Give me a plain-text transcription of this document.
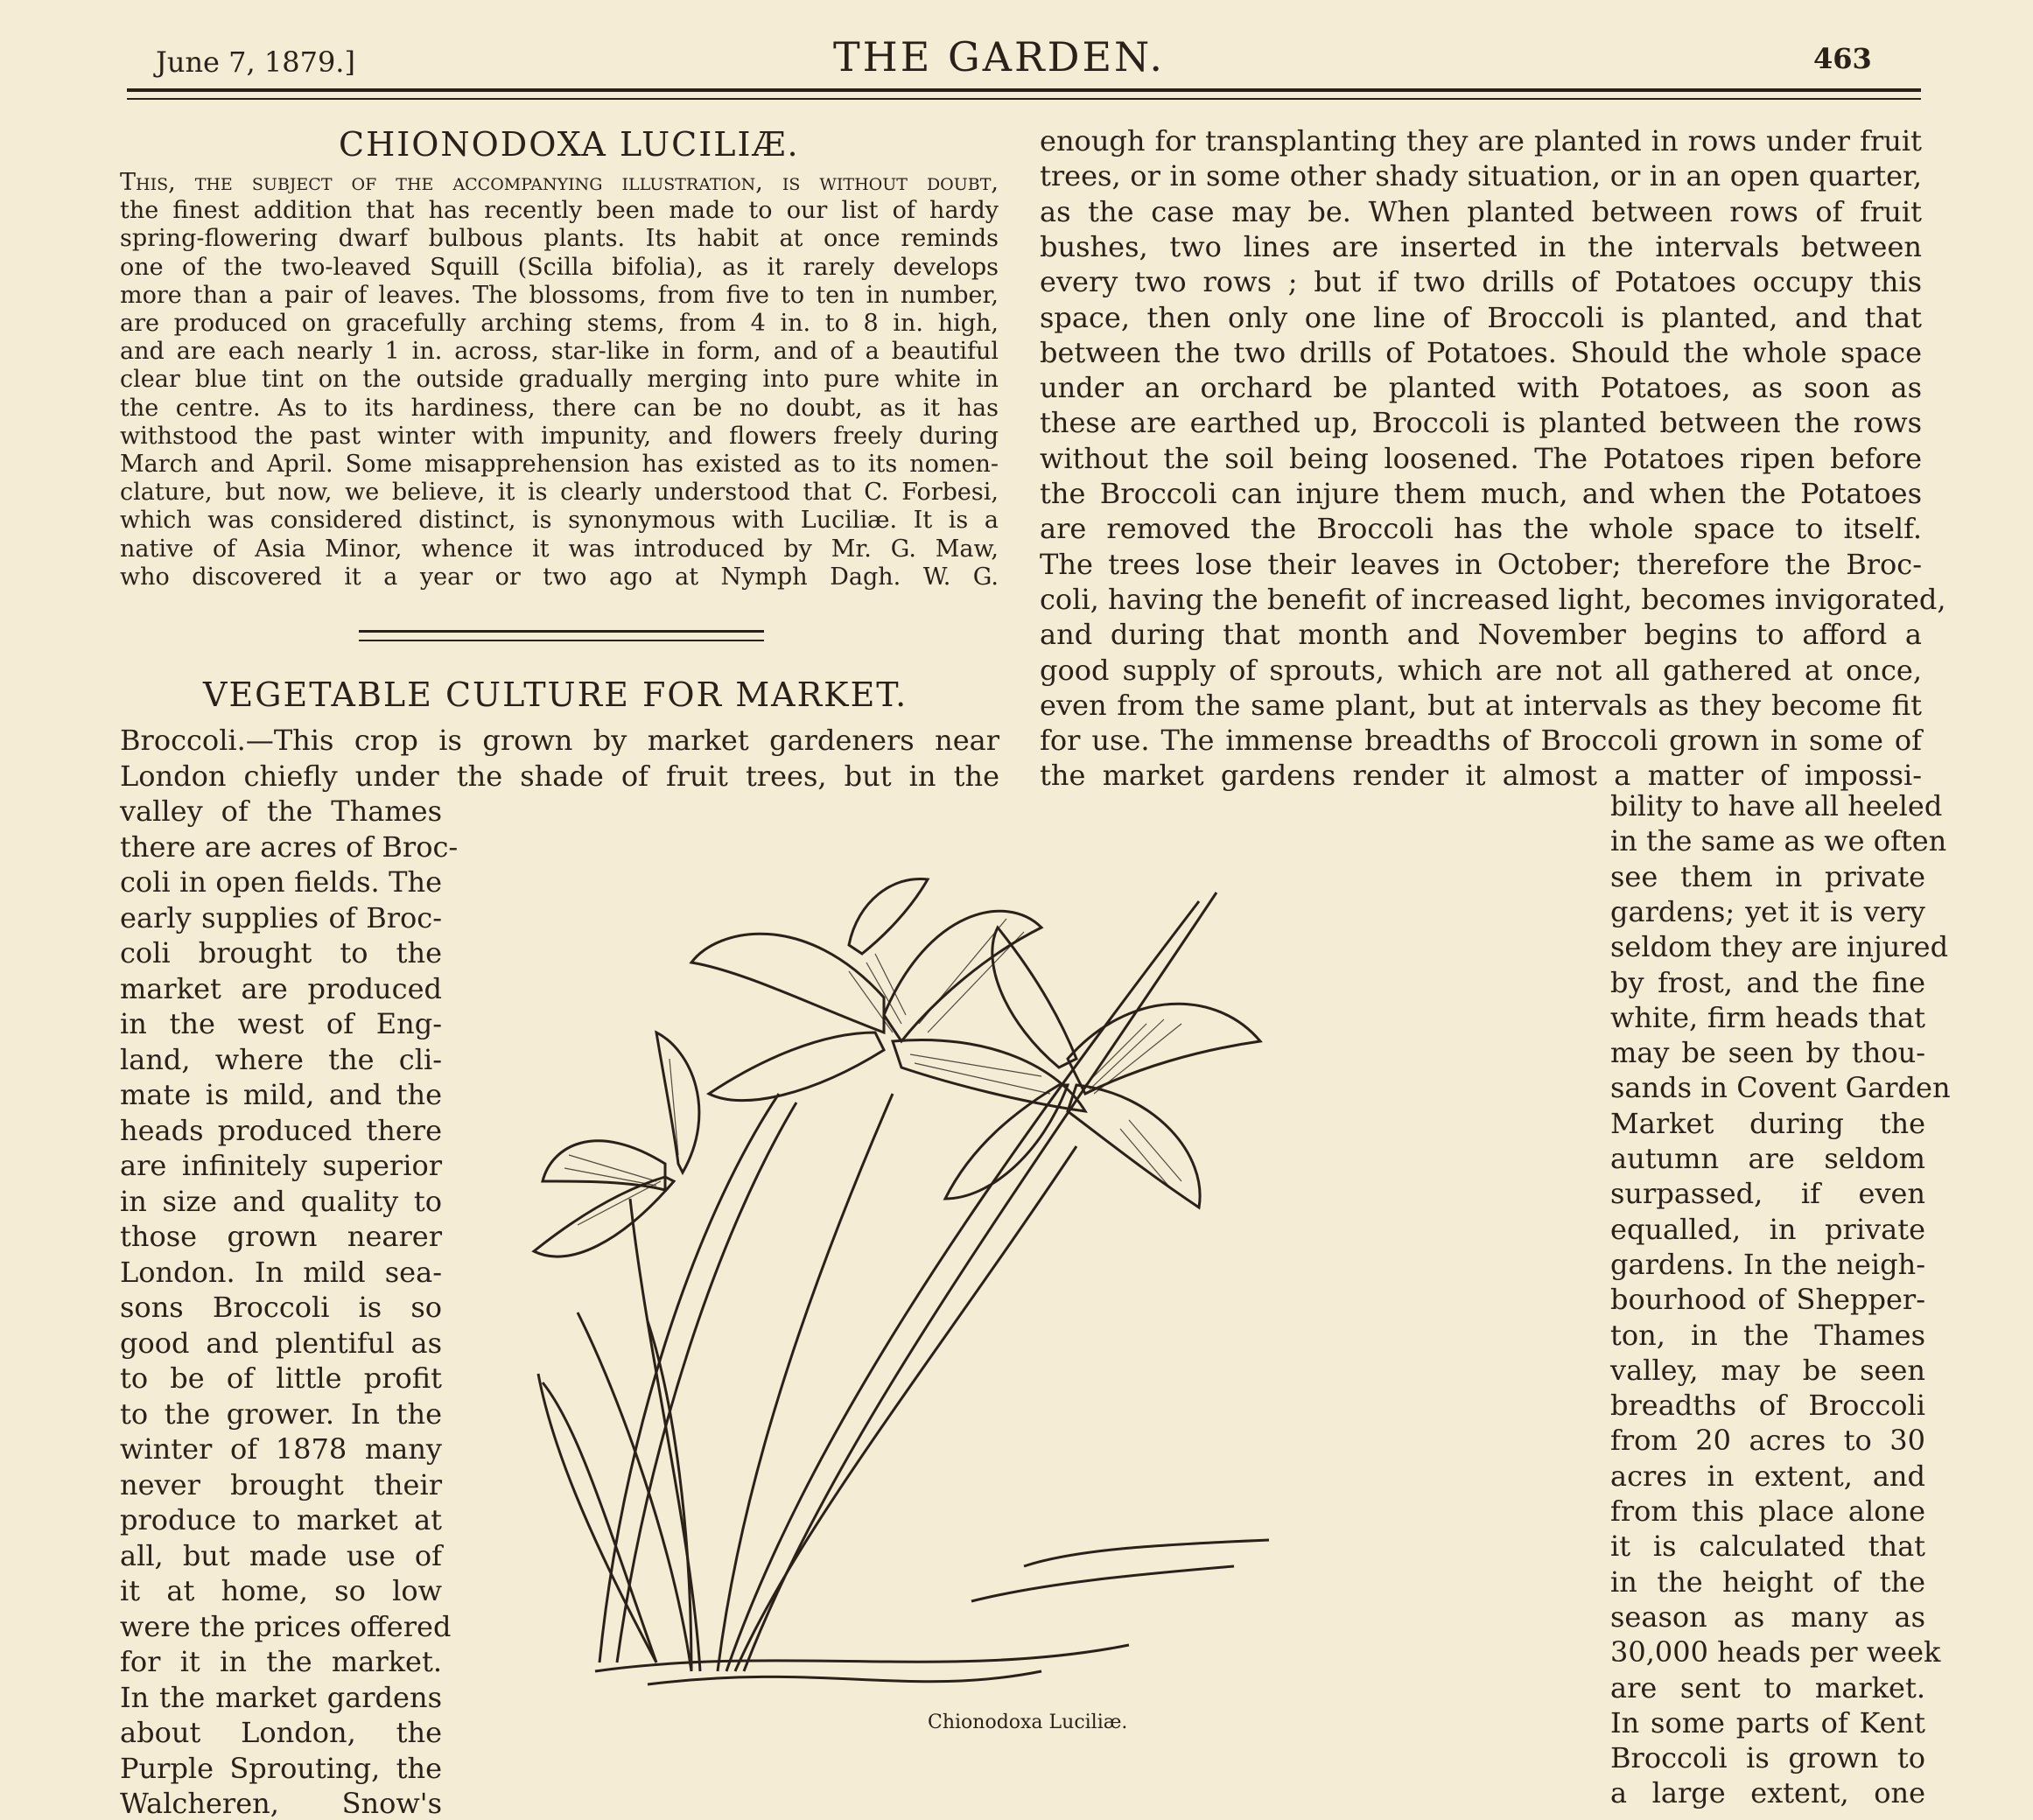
June 7, 1879.]	THE GARDEN.	463
CHIONODOXA LUCILIÆ.
This, the subject of the accompanying illustration, is without doubt,
the finest addition that has recently been made to our list of hardy
spring-flowering dwarf bulbous plants. Its habit at once reminds
one of the two-leaved Squill (Scilla bifolia), as it rarely develops
more than a pair of leaves. The blossoms, from five to ten in number,
are produced on gracefully arching stems, from 4 in. to 8 in. high,
and are each nearly 1 in. across, star-like in form, and of a beautiful
clear blue tint on the outside gradually merging into pure white in
the centre. As to its hardiness, there can be no doubt, as it has
withstood the past winter with impunity, and flowers freely during
March and April. Some misapprehension has existed as to its nomen-
clature, but now, we believe, it is clearly understood that C. Forbesi,
which was considered distinct, is synonymous with Luciliæ. It is a
native of Asia Minor, whence it was introduced by Mr. G. Maw,
who discovered it a year or two ago at Nymph Dagh. W. G.
VEGETABLE CULTURE FOR MARKET.
Broccoli.—This crop is grown by market gardeners near
London chiefly under the shade of fruit trees, but in the
valley of the Thames
there are acres of Broc-
coli in open fields. The
early supplies of Broc-
coli brought to the
market are produced
in the west of Eng-
land, where the cli-
mate is mild, and the
heads produced there
are infinitely superior
in size and quality to
those grown nearer
London. In mild sea-
sons Broccoli is so
good and plentiful as
to be of little profit
to the grower. In the
winter of 1878 many
never brought their
produce to market at
all, but made use of
it at home, so low
were the prices offered
for it in the market.
In the market gardens
about London, the
Purple Sprouting, the
Walcheren, Snow's
enough for transplanting they are planted in rows under fruit
trees, or in some other shady situation, or in an open quarter,
as the case may be. When planted between rows of fruit
bushes, two lines are inserted in the intervals between
every two rows ; but if two drills of Potatoes occupy this
space, then only one line of Broccoli is planted, and that
between the two drills of Potatoes. Should the whole space
under an orchard be planted with Potatoes, as soon as
these are earthed up, Broccoli is planted between the rows
without the soil being loosened. The Potatoes ripen before
the Broccoli can injure them much, and when the Potatoes
are removed the Broccoli has the whole space to itself.
The trees lose their leaves in October; therefore the Broc-
coli, having the benefit of increased light, becomes invigorated,
and during that month and November begins to afford a
good supply of sprouts, which are not all gathered at once,
even from the same plant, but at intervals as they become fit
for use. The immense breadths of Broccoli grown in some of
the market gardens render it almost a matter of impossi-
bility to have all heeled
in the same as we often
see them in private
gardens; yet it is very
seldom they are injured
by frost, and the fine
white, firm heads that
may be seen by thou-
sands in Covent Garden
Market during the
autumn are seldom
surpassed, if even
equalled, in private
gardens. In the neigh-
bourhood of Shepper-
ton, in the Thames
valley, may be seen
breadths of Broccoli
from 20 acres to 30
acres in extent, and
from this place alone
it is calculated that
in the height of the
season as many as
30,000 heads per week
are sent to market.
In some parts of Kent
Broccoli is grown to
a large extent, one
Chionodoxa Luciliæ.
